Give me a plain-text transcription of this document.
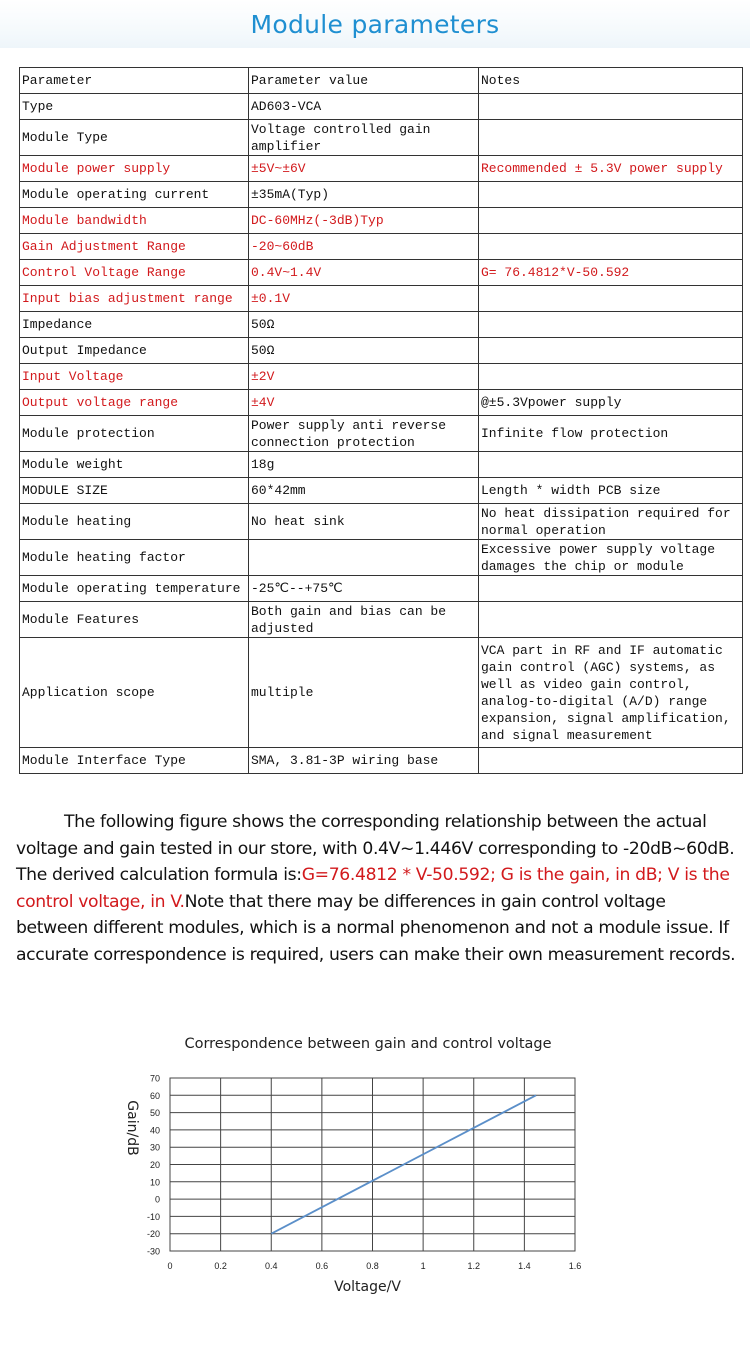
Module parameters
Parameter	Parameter value	Notes
Type	AD603-VCA	
Module Type	Voltage controlled gain amplifier	
Module power supply	±5V~±6V	Recommended ± 5.3V power supply
Module operating current	±35mA(Typ)	
Module bandwidth	DC-60MHz(-3dB)Typ	
Gain Adjustment Range	-20~60dB	
Control Voltage Range	0.4V~1.4V	G= 76.4812*V-50.592
Input bias adjustment range	±0.1V	
Impedance	50Ω	
Output Impedance	50Ω	
Input Voltage	±2V	
Output voltage range	±4V	@±5.3Vpower supply
Module protection	Power supply anti reverse connection protection	Infinite flow protection
Module weight	18g	
MODULE SIZE	60*42mm	Length * width PCB size
Module heating	No heat sink	No heat dissipation required for normal operation
Module heating factor		Excessive power supply voltage damages the chip or module
Module operating temperature	-25℃--+75℃	
Module Features	Both gain and bias can be adjusted	
Application scope	multiple	VCA part in RF and IF automatic gain control (AGC) systems, as well as video gain control, analog-to-digital (A/D) range expansion, signal amplification, and signal measurement
Module Interface Type	SMA, 3.81-3P wiring base	

The following figure shows the corresponding relationship between the actual voltage and gain tested in our store, with 0.4V~1.446V corresponding to -20dB~60dB. The derived calculation formula is:G=76.4812 * V-50.592; G is the gain, in dB; V is the control voltage, in V.Note that there may be differences in gain control voltage between different modules, which is a normal phenomenon and not a module issue. If accurate correspondence is required, users can make their own measurement records.

-30
-20
-10
0
10
20
30
40
50
60
70
0	0.2	0.4	0.6	0.8	1	1.2	1.4	1.6
Voltage/V
Gain/dB
Correspondence between gain and control voltage
